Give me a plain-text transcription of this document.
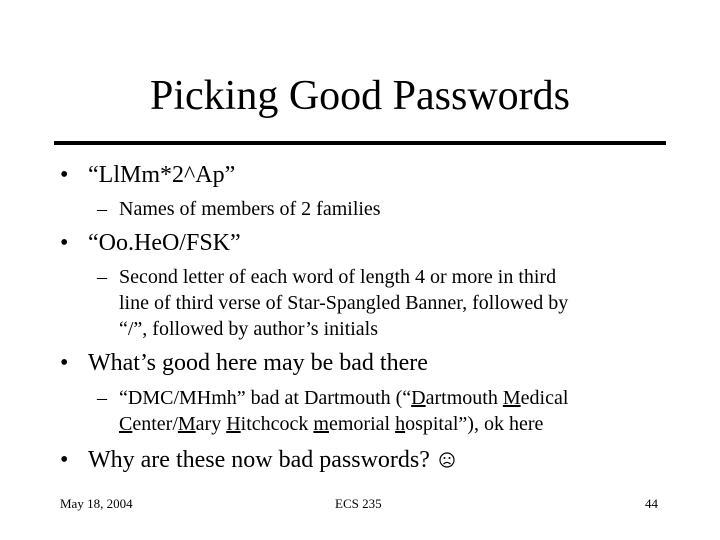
Picking Good Passwords
• “LlMm*2^Ap”
– Names of members of 2 families
• “Oo.HeO/FSK”
– Second letter of each word of length 4 or more in third
line of third verse of Star-Spangled Banner, followed by
“/”, followed by author’s initials
• What’s good here may be bad there
– “DMC/MHmh” bad at Dartmouth (“Dartmouth Medical
Center/Mary Hitchcock memorial hospital”), ok here
• Why are these now bad passwords?
May 18, 2004	ECS 235	44
